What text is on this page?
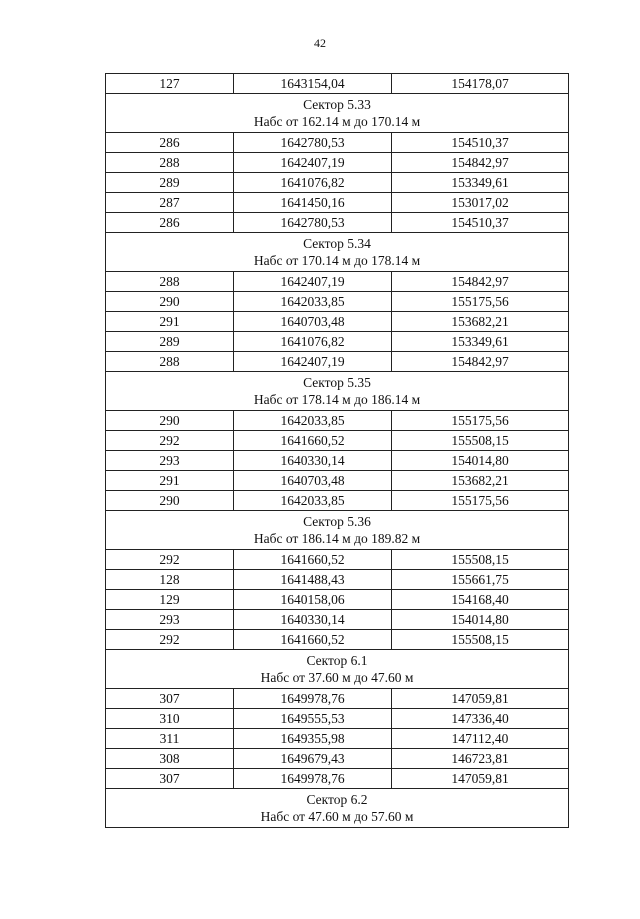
42
127	1643154,04	154178,07

Сектор 5.33
Набс от 162.14 м до 170.14 м		

286	1642780,53	154510,37
288	1642407,19	154842,97
289	1641076,82	153349,61
287	1641450,16	153017,02
286	1642780,53	154510,37

Сектор 5.34
Набс от 170.14 м до 178.14 м		

288	1642407,19	154842,97
290	1642033,85	155175,56
291	1640703,48	153682,21
289	1641076,82	153349,61
288	1642407,19	154842,97

Сектор 5.35
Набс от 178.14 м до 186.14 м		

290	1642033,85	155175,56
292	1641660,52	155508,15
293	1640330,14	154014,80
291	1640703,48	153682,21
290	1642033,85	155175,56

Сектор 5.36
Набс от 186.14 м до 189.82 м		

292	1641660,52	155508,15
128	1641488,43	155661,75
129	1640158,06	154168,40
293	1640330,14	154014,80
292	1641660,52	155508,15

Сектор 6.1
Набс от 37.60 м до 47.60 м		

307	1649978,76	147059,81
310	1649555,53	147336,40
311	1649355,98	147112,40
308	1649679,43	146723,81
307	1649978,76	147059,81

Сектор 6.2
Набс от 47.60 м до 57.60 м		
